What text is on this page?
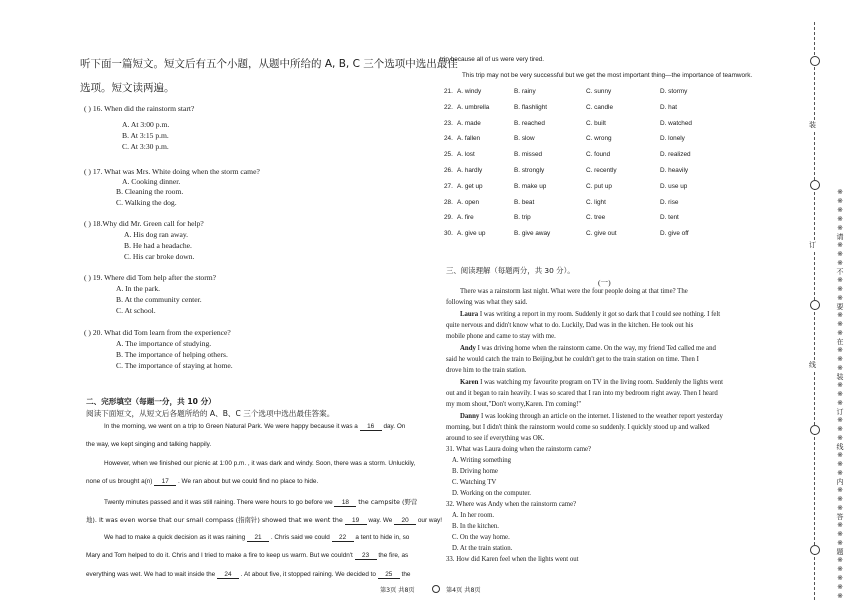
听下面一篇短文。短文后有五个小题，从题中所给的 A, B, C 三个选项中选出最佳
选项。短文读两遍。
( ) 16. When did the rainstorm start?
A. At 3:00 p.m.
B. At 3:15 p.m.
C. At 3:30 p.m.
( ) 17. What was Mrs. White doing when the storm came?
A. Cooking dinner.
B. Cleaning the room.
C. Walking the dog.
( ) 18.Why did Mr. Green call for help?
A. His dog ran away.
B. He had a headache.
C. His car broke down.
( ) 19. Where did Tom help after the storm?
A. In the park.
B. At the community center.
C. At school.
( ) 20. What did Tom learn from the experience?
A. The importance of studying.
B. The importance of helping others.
C. The importance of staying at home.
二、完形填空（每题一分，共 10 分）
阅读下面短文，从短文后各题所给的 A、B、C 三个选项中选出最佳答案。
In the morning, we went on a trip to Green Natural Park. We were happy because it was a 16 day. On
the way, we kept singing and talking happily.
However, when we finished our picnic at 1:00 p.m. , it was dark and windy. Soon, there was a storm. Unluckily,
none of us brought a(n) 17 . We ran about but we could find no place to hide.
Twenty minutes passed and it was still raining. There were hours to go before we 18 the campsite (野营
地). It was even worse that our small compass (指南针) showed that we went the 19 way. We 20 our way!
We had to make a quick decision as it was raining 21 . Chris said we could 22 a tent to hide in, so
Mary and Tom helped to do it. Chris and I tried to make a fire to keep us warm. But we couldn't 23 the fire, as
everything was wet. We had to wait inside the 24 . At about five, it stopped raining. We decided to 25 the
trip because all of us were very tired.
This trip may not be very successful but we get the most important thing—the importance of teamwork.
21. A. windy	B. rainy	C. sunny	D. stormy
22. A. umbrella	B. flashlight	C. candle	D. hat
23. A. made	B. reached	C. built	D. watched
24. A. fallen	B. slow	C. wrong	D. lonely
25. A. lost	B. missed	C. found	D. realized
26. A. hardly	B. strongly	C. recently	D. heavily
27. A. get up	B. make up	C. put up	D. use up
28. A. open	B. beat	C. light	D. rise
29. A. fire	B. trip	C. tree	D. tent
30. A. give up	B. give away	C. give out	D. give off
三、阅读理解（每题两分，共 30 分）。
(一)
There was a rainstorm last night. What were the four people doing at that time? The
following was what they said.
Laura I was writing a report in my room. Suddenly it got so dark that I could see nothing. I felt
quite nervous and didn't know what to do. Luckily, Dad was in the kitchen. He took out his
mobile phone and came to stay with me.
Andy I was driving home when the rainstorm came. On the way, my friend Ted called me and
said he would catch the train to Beijing,but he couldn't get to the train station on time. Then I
drove him to the train station.
Karen I was watching my favourite program on TV in the living room. Suddenly the lights went
out and it began to rain heavily. I was so scared that I ran into my bedroom right away. Then I heard
my mom shout,"Don't worry,Karen. I'm coming!"
Danny I was looking through an article on the internet. I listened to the weather report yesterday
morning, but I didn't think the rainstorm would come so suddenly. I quickly stood up and walked
around to see if everything was OK.
31. What was Laura doing when the rainstorm came?
A. Writing something
B. Driving home
C. Watching TV
D. Working on the computer.
32. Where was Andy when the rainstorm came?
A. In her room.
B. In the kitchen.
C. On the way home.
D. At the train station.
33. How did Karen feel when the lights went out
第3页 共8页 ○ 第4页 共8页
装
订
线	※※※※※请※※※不※※※要※※※在※※※装※※※订※※※线※※※内※※※答※※※题※※※※※
